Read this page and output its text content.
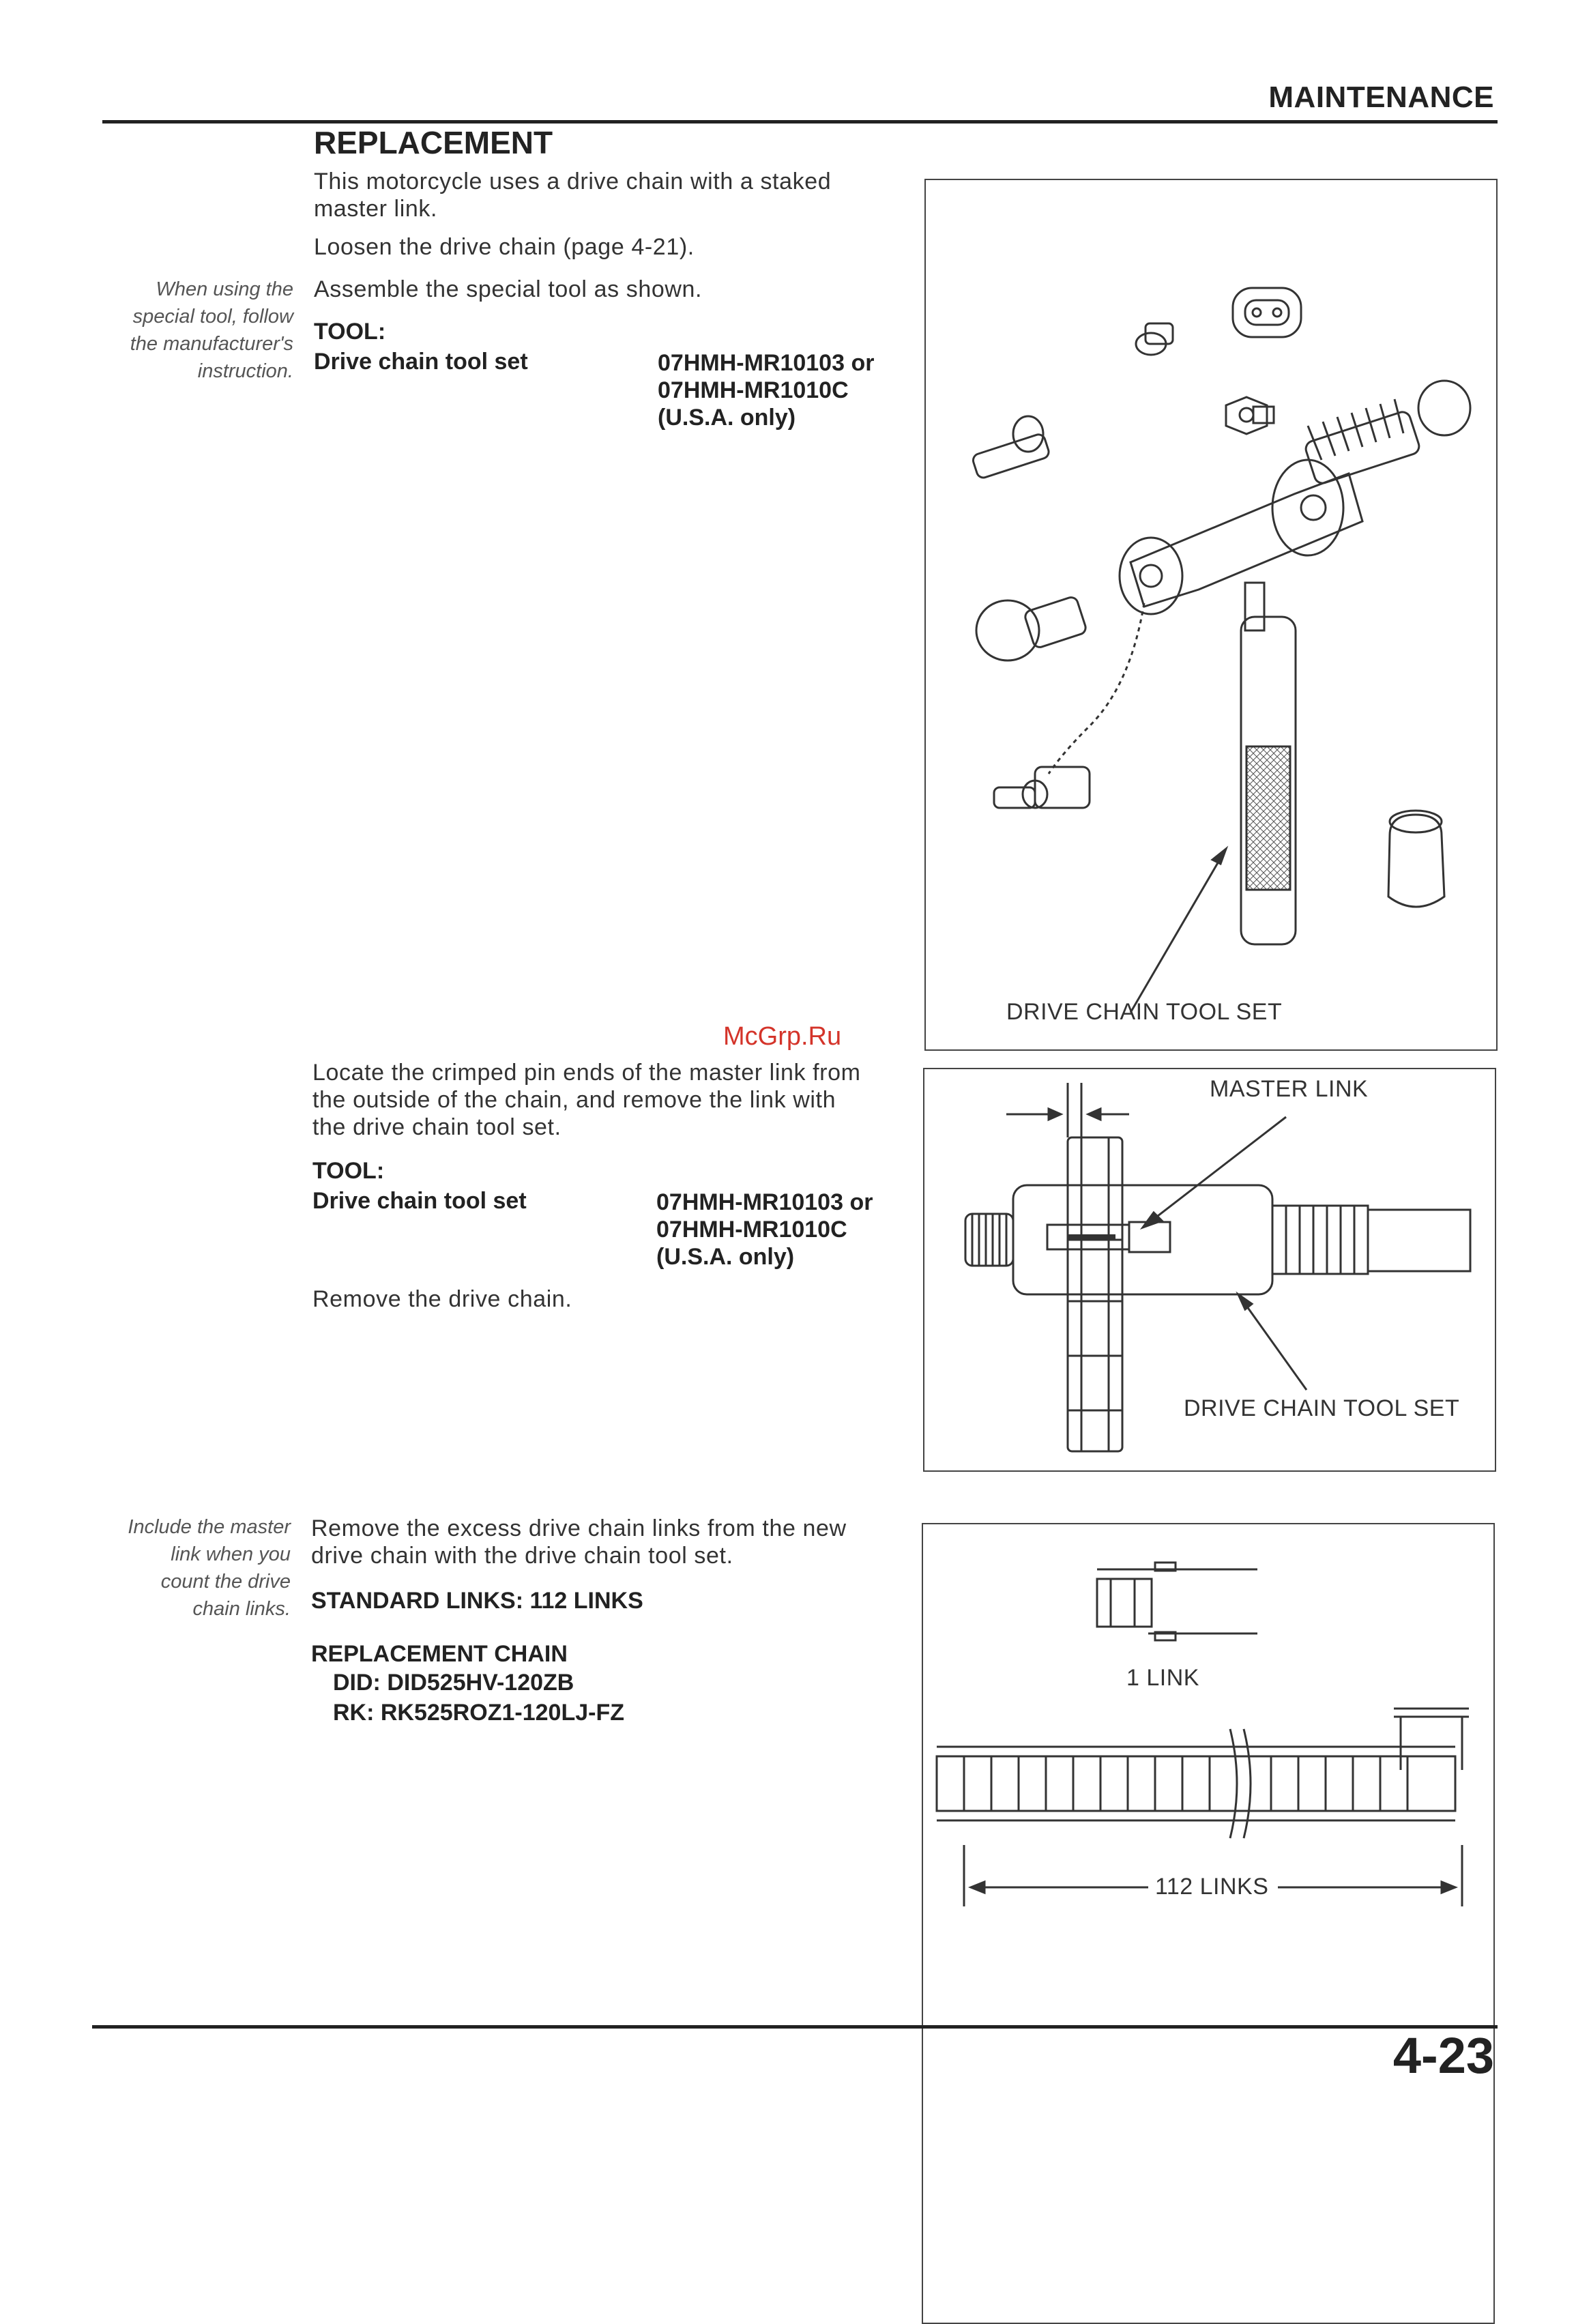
MAINTENANCE
REPLACEMENT
This motorcycle uses a drive chain with a staked
master link.
Loosen the drive chain (page 4-21).
Assemble the special tool as shown.
When using the
special tool, follow
the manufacturer's
instruction.
TOOL:
Drive chain tool set	07HMH-MR10103 or
07HMH-MR1010C
(U.S.A. only)
DRIVE CHAIN TOOL SET
McGrp.Ru
Locate the crimped pin ends of the master link from
the outside of the chain, and remove the link with
the drive chain tool set.
TOOL:
Drive chain tool set	07HMH-MR10103 or
07HMH-MR1010C
(U.S.A. only)
Remove the drive chain.
MASTER LINK
DRIVE CHAIN TOOL SET
Include the master
link when you
count the drive
chain links.
Remove the excess drive chain links from the new
drive chain with the drive chain tool set.
STANDARD LINKS: 112 LINKS
REPLACEMENT CHAIN
DID: DID525HV-120ZB
RK: RK525ROZ1-120LJ-FZ
1 LINK
112 LINKS
4-23
